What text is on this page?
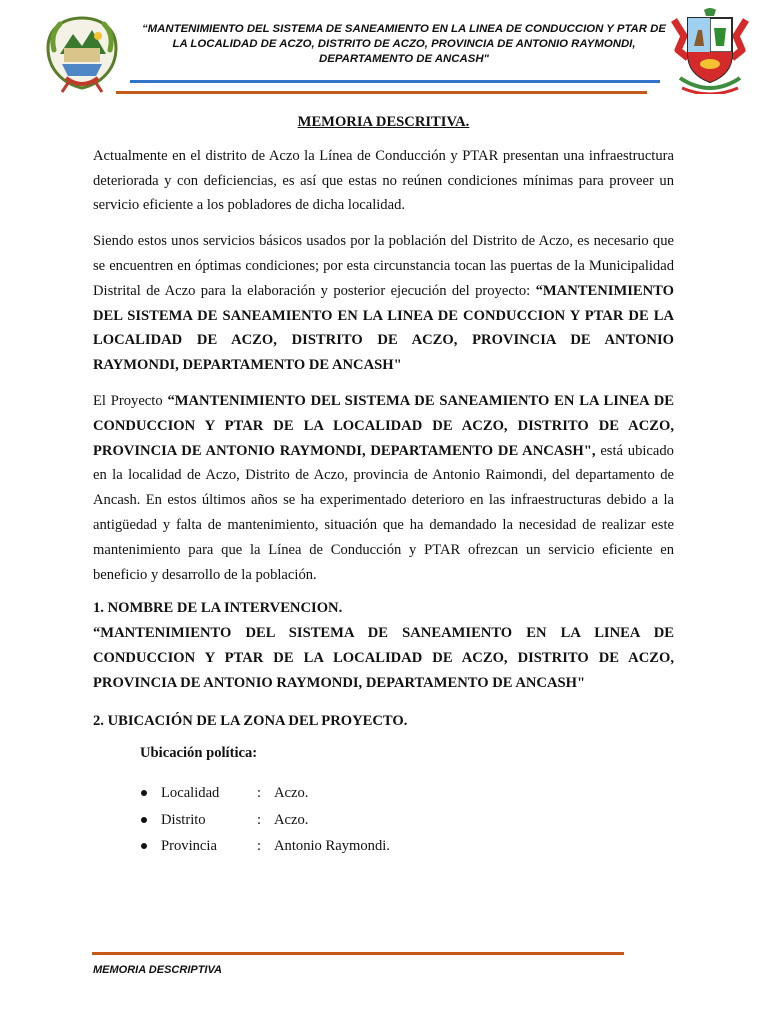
“MANTENIMIENTO DEL SISTEMA DE SANEAMIENTO EN LA LINEA DE CONDUCCION Y PTAR DE LA LOCALIDAD DE ACZO, DISTRITO DE ACZO, PROVINCIA DE ANTONIO RAYMONDI, DEPARTAMENTO DE ANCASH"
MEMORIA DESCRITIVA.

Actualmente en el distrito de Aczo la Línea de Conducción y PTAR presentan una infraestructura deteriorada y con deficiencias, es así que estas no reúnen condiciones mínimas para proveer un servicio eficiente a los pobladores de dicha localidad.

Siendo estos unos servicios básicos usados por la población del Distrito de Aczo, es necesario que se encuentren en óptimas condiciones; por esta circunstancia tocan las puertas de la Municipalidad Distrital de Aczo para la elaboración y posterior ejecución del proyecto: “MANTENIMIENTO DEL SISTEMA DE SANEAMIENTO EN LA LINEA DE CONDUCCION Y PTAR DE LA LOCALIDAD DE ACZO, DISTRITO DE ACZO, PROVINCIA DE ANTONIO RAYMONDI, DEPARTAMENTO DE ANCASH"

El Proyecto “MANTENIMIENTO DEL SISTEMA DE SANEAMIENTO EN LA LINEA DE CONDUCCION Y PTAR DE LA LOCALIDAD DE ACZO, DISTRITO DE ACZO, PROVINCIA DE ANTONIO RAYMONDI, DEPARTAMENTO DE ANCASH", está ubicado en la localidad de Aczo, Distrito de Aczo, provincia de Antonio Raimondi, del departamento de Ancash. En estos últimos años se ha experimentado deterioro en las infraestructuras debido a la antigüedad y falta de mantenimiento, situación que ha demandado la necesidad de realizar este mantenimiento para que la Línea de Conducción y PTAR ofrezcan un servicio eficiente en beneficio y desarrollo de la población.

1. NOMBRE DE LA INTERVENCION.

“MANTENIMIENTO DEL SISTEMA DE SANEAMIENTO EN LA LINEA DE CONDUCCION Y PTAR DE LA LOCALIDAD DE ACZO, DISTRITO DE ACZO, PROVINCIA DE ANTONIO RAYMONDI, DEPARTAMENTO DE ANCASH"

2. UBICACIÓN DE LA ZONA DEL PROYECTO.

Ubicación política:

Localidad	: Aczo.
Distrito	: Aczo.
Provincia	: Antonio Raymondi.
MEMORIA DESCRIPTIVA
